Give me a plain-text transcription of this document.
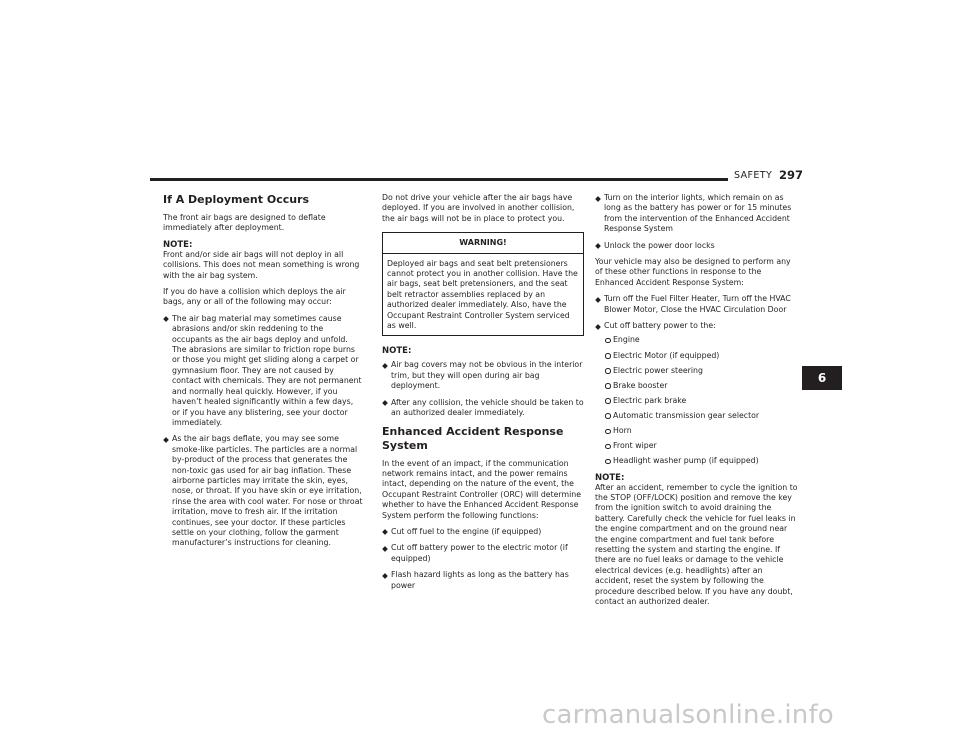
SAFETY 297
If A Deployment Occurs

The front air bags are designed to deflate immediately after deployment.

NOTE:

Front and/or side air bags will not deploy in all collisions. This does not mean something is wrong with the air bag system.

If you do have a collision which deploys the air bags, any or all of the following may occur:

The air bag material may sometimes cause abrasions and/or skin reddening to the occupants as the air bags deploy and unfold. The abrasions are similar to friction rope burns or those you might get sliding along a carpet or gymnasium floor. They are not caused by contact with chemicals. They are not permanent and normally heal quickly. However, if you haven’t healed significantly within a few days, or if you have any blistering, see your doctor immediately.
As the air bags deflate, you may see some smoke-like particles. The particles are a normal by-product of the process that generates the non-toxic gas used for air bag inflation. These airborne particles may irritate the skin, eyes, nose, or throat. If you have skin or eye irritation, rinse the area with cool water. For nose or throat irritation, move to fresh air. If the irritation continues, see your doctor. If these particles settle on your clothing, follow the garment manufacturer’s instructions for cleaning.

Do not drive your vehicle after the air bags have deployed. If you are involved in another collision, the air bags will not be in place to protect you.

WARNING!
Deployed air bags and seat belt pretensioners cannot protect you in another collision. Have the air bags, seat belt pretensioners, and the seat belt retractor assemblies replaced by an authorized dealer immediately. Also, have the Occupant Restraint Controller System serviced as well.
NOTE:
Air bag covers may not be obvious in the interior trim, but they will open during air bag deployment.
After any collision, the vehicle should be taken to an authorized dealer immediately.
Enhanced Accident Response System

In the event of an impact, if the communication network remains intact, and the power remains intact, depending on the nature of the event, the Occupant Restraint Controller (ORC) will determine whether to have the Enhanced Accident Response System perform the following functions:

Cut off fuel to the engine (if equipped)
Cut off battery power to the electric motor (if equipped)
Flash hazard lights as long as the battery has power
Turn on the interior lights, which remain on as long as the battery has power or for 15 minutes from the intervention of the Enhanced Accident Response System
Unlock the power door locks

Your vehicle may also be designed to perform any of these other functions in response to the Enhanced Accident Response System:

Turn off the Fuel Filter Heater, Turn off the HVAC Blower Motor, Close the HVAC Circulation Door
Cut off battery power to the:
Engine
Electric Motor (if equipped)
Electric power steering
Brake booster
Electric park brake
Automatic transmission gear selector
Horn
Front wiper
Headlight washer pump (if equipped)
NOTE:

After an accident, remember to cycle the ignition to the STOP (OFF/LOCK) position and remove the key from the ignition switch to avoid draining the battery. Carefully check the vehicle for fuel leaks in the engine compartment and on the ground near the engine compartment and fuel tank before resetting the system and starting the engine. If there are no fuel leaks or damage to the vehicle electrical devices (e.g. headlights) after an accident, reset the system by following the procedure described below. If you have any doubt, contact an authorized dealer.

6
carmanualsonline.info
